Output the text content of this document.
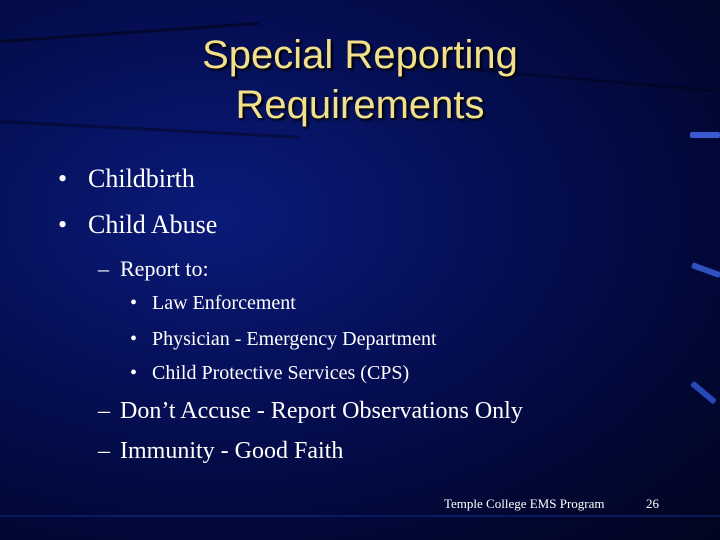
Special Reporting
Requirements
• Childbirth
• Child Abuse
– Report to:
• Law Enforcement
• Physician - Emergency Department
• Child Protective Services (CPS)
– Don’t Accuse - Report Observations Only
– Immunity - Good Faith
Temple College EMS Program	26
